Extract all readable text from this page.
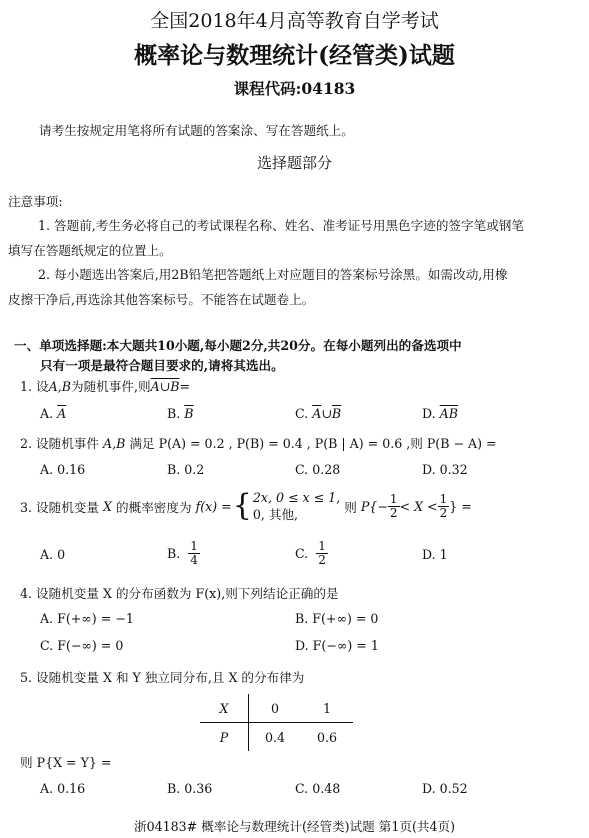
全国2018年4月高等教育自学考试
概率论与数理统计(经管类)试题
课程代码:04183
请考生按规定用笔将所有试题的答案涂、写在答题纸上。
选择题部分
注意事项:
1. 答题前,考生务必将自己的考试课程名称、姓名、准考证号用黑色字迹的签字笔或钢笔
填写在答题纸规定的位置上。
2. 每小题选出答案后,用2B铅笔把答题纸上对应题目的答案标号涂黑。如需改动,用橡
皮擦干净后,再选涂其他答案标号。不能答在试题卷上。
一、单项选择题:本大题共10小题,每小题2分,共20分。在每小题列出的备选项中
只有一项是最符合题目要求的,请将其选出。
1. 设A,B为随机事件,则A∪B=
A. $\overline{A}$	B. $\overline{B}$	C. $\overline{A}\cup\overline{B}$	D. $\overline{AB}$
2. 设随机事件 A,B 满足 P(A) = 0.2 , P(B) = 0.4 , P(B | A) = 0.6 ,则 P(B − A) =
A. 0.16	B. 0.2	C. 0.28	D. 0.32
3. 设随机变量
X
的概率密度为
f(x) = { 2x, 0 ≤ x ≤ 1,
0, 其他,
	则
$P\{- \frac{1}{2} < X < \frac{1}{2}$ } =
A. 0	B.
$\frac{1}{4}$	C.
$\frac{1}{2}$	D. 1
4. 设随机变量 X 的分布函数为 F(x),则下列结论正确的是
A. F(+∞) = −1	B. F(+∞) = 0
C. F(−∞) = 0	D. F(−∞) = 1
5. 设随机变量 X 和 Y 独立同分布,且 X 的分布律为
X	0	1
P	0.4	0.6
则 P{X = Y} =
A. 0.16	B. 0.36	C. 0.48	D. 0.52
浙04183# 概率论与数理统计(经管类)试题 第1页(共4页)
